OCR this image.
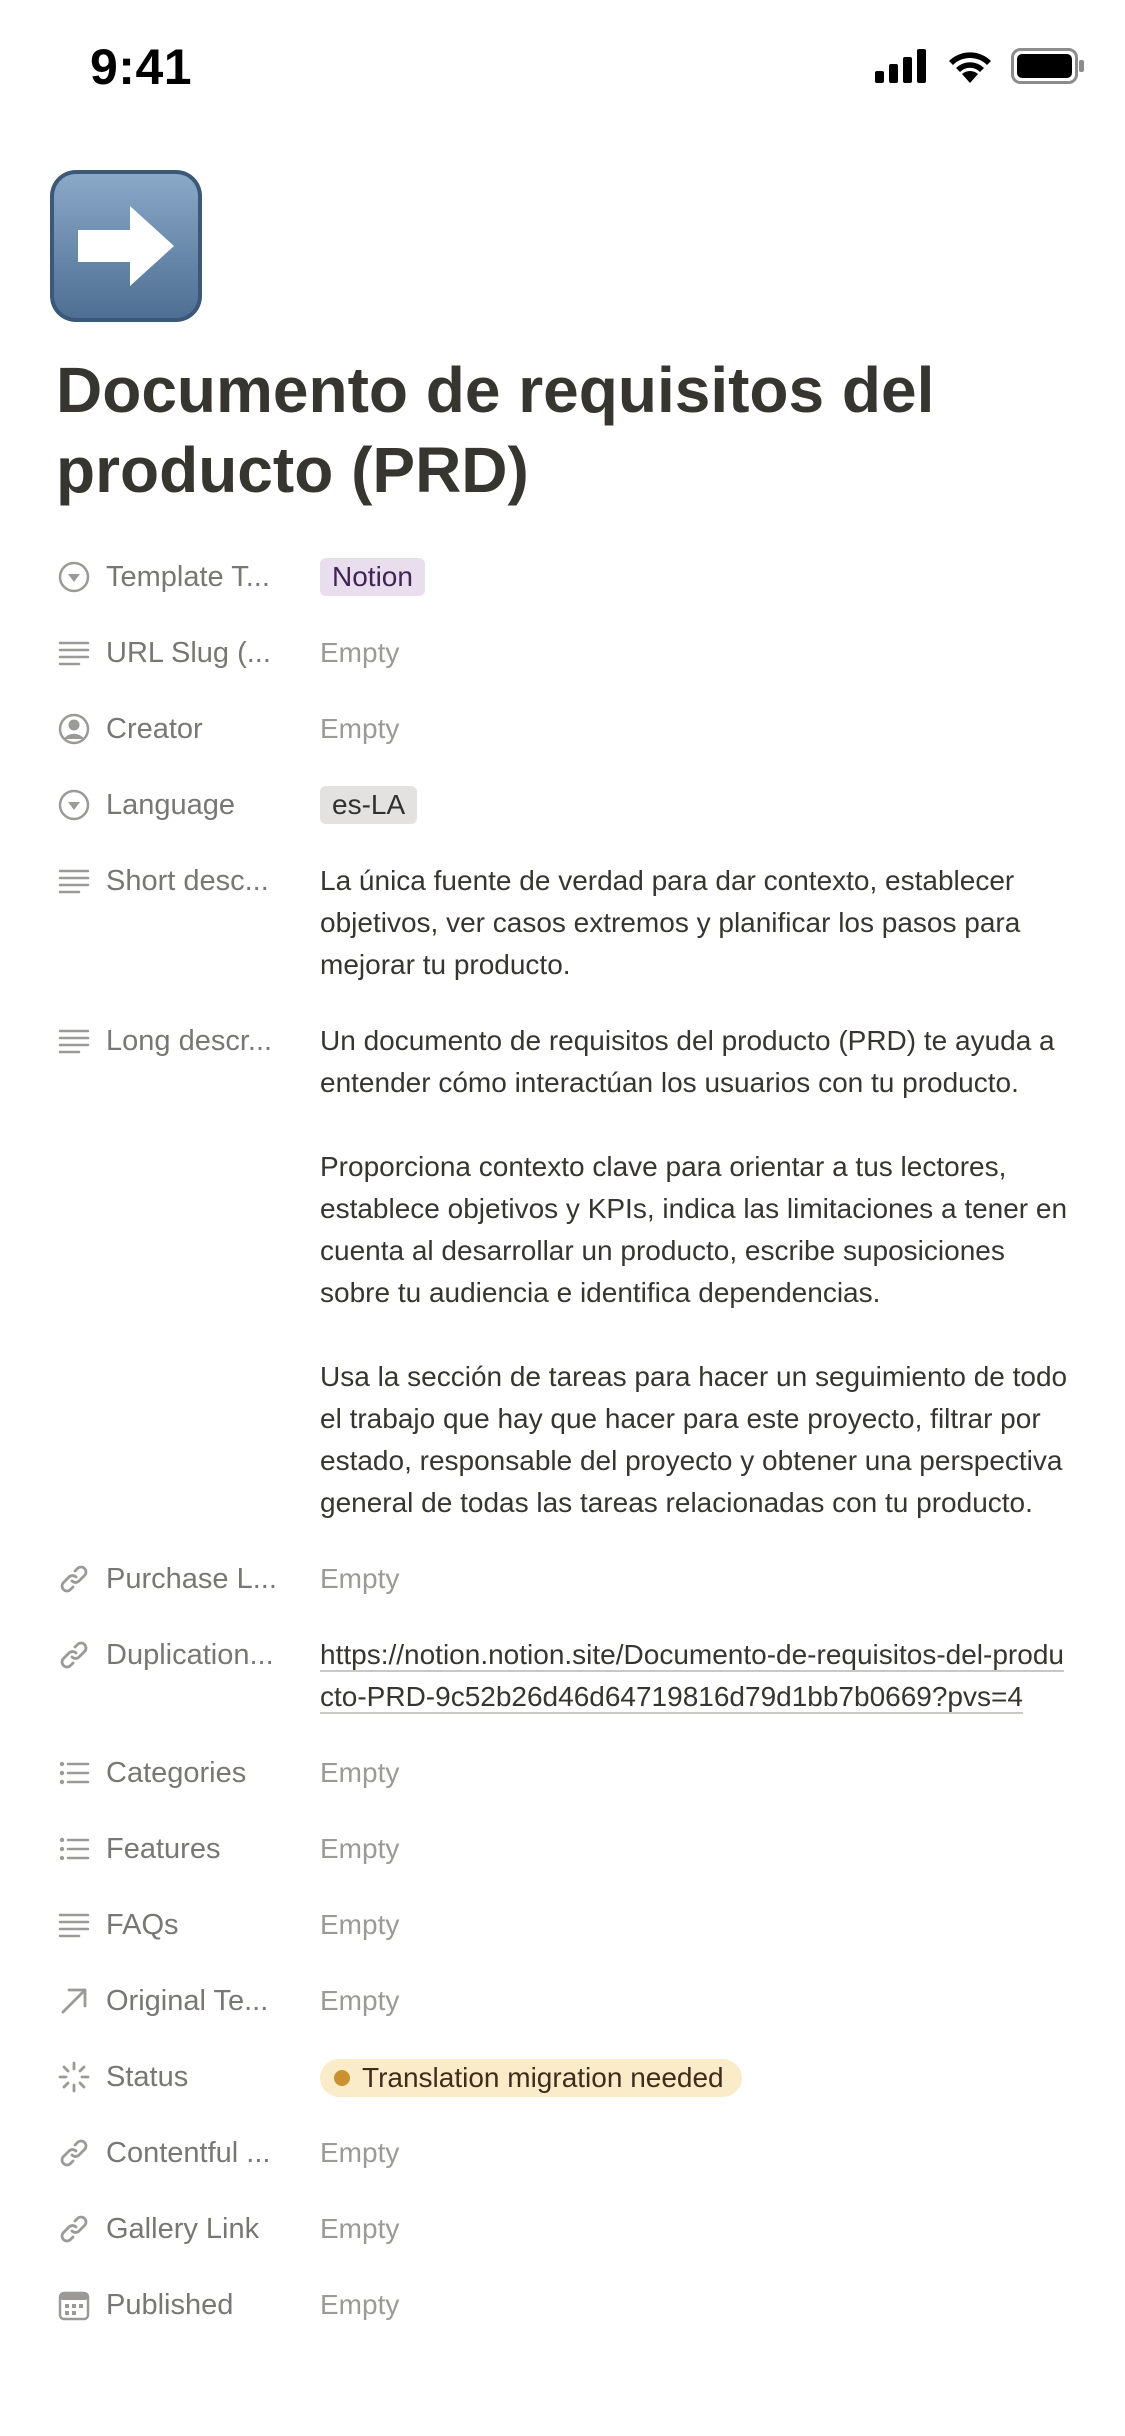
9:41
Documento de requisitos del producto (PRD)
Template T...	Notion
URL Slug (... Empty
Creator	Empty
Language	es-LA
Short desc... La única fuente de verdad para dar contexto, establecer objetivos, ver casos extremos y planificar los pasos para mejorar tu producto.
Long descr... Un documento de requisitos del producto (PRD) te ayuda a entender cómo interactúan los usuarios con tu producto.

Proporciona contexto clave para orientar a tus lectores, establece objetivos y KPIs, indica las limitaciones a tener en cuenta al desarrollar un producto, escribe suposiciones sobre tu audiencia e identifica dependencias.

Usa la sección de tareas para hacer un seguimiento de todo el trabajo que hay que hacer para este proyecto, filtrar por estado, responsable del proyecto y obtener una perspectiva general de todas las tareas relacionadas con tu producto.

Purchase L... Empty
Duplication... https://notion.notion.site/Documento-de-requisitos-del-producto-PRD-9c52b26d46d64719816d79d1bb7b0669?pvs=4
Categories	Empty
Features	Empty
FAQs	Empty
Original Te... Empty
Status	Translation migration needed
Contentful ... Empty
Gallery Link Empty
Published	Empty
